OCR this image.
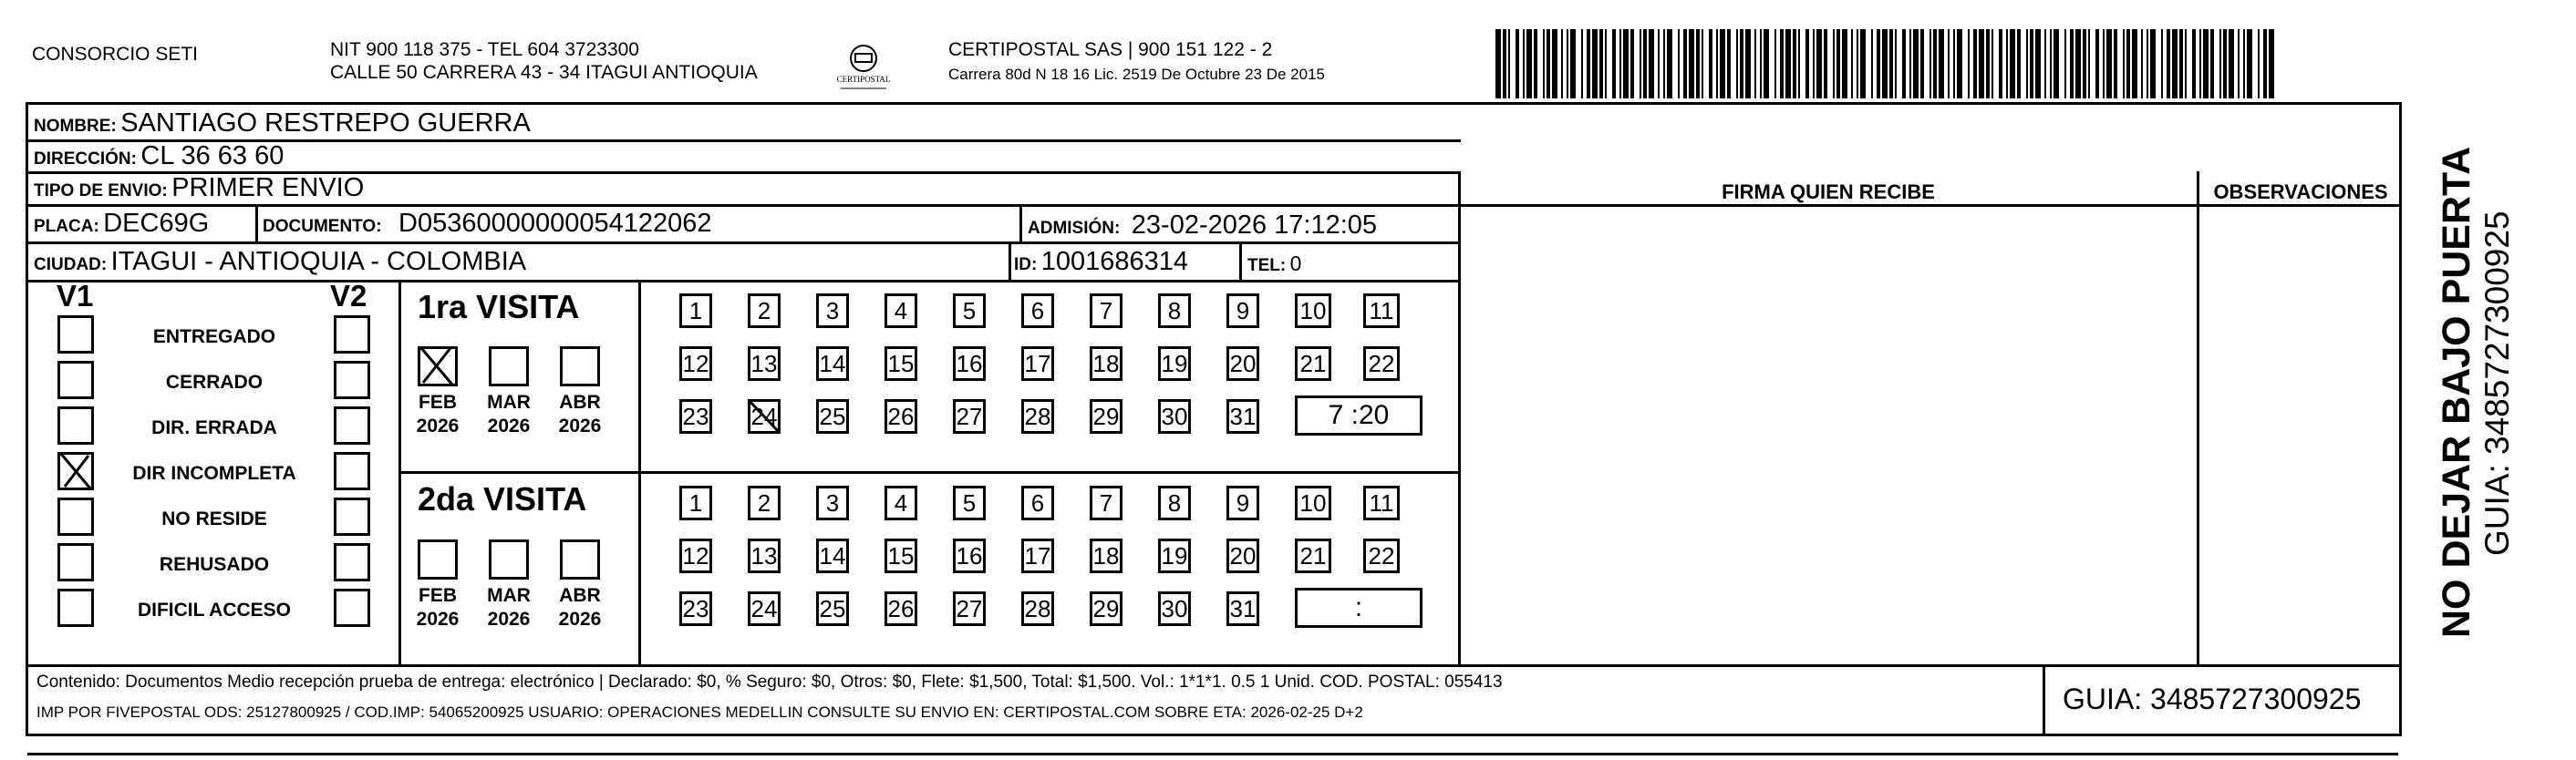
CONSORCIO SETI	NIT 900 118 375 - TEL 604 3723300
CALLE 50 CARRERA 43 - 34 ITAGUI ANTIOQUIA	CERTIPOSTAL
CERTIPOSTAL SAS | 900 151 122 - 2
Carrera 80d N 18 16 Lic. 2519 De Octubre 23 De 2015
NOMBRE: SANTIAGO RESTREPO GUERRA
DIRECCIÓN: CL 36 63 60
TIPO DE ENVIO: PRIMER ENVIO
PLACA: DEC69G	DOCUMENTO: D05360000000054122062	ADMISIÓN: 23-02-2026 17:12:05
CIUDAD: ITAGUI - ANTIOQUIA - COLOMBIA	ID: 1001686314	TEL: 0
FIRMA QUIEN RECIBE	OBSERVACIONES
V1	V2
ENTREGADO
CERRADO
DIR. ERRADA
DIR INCOMPLETA
NO RESIDE
REHUSADO
DIFICIL ACCESO
1ra VISITA
2da VISITA
FEB
2026
MAR
2026
ABR
2026
FEB
2026
MAR
2026
ABR
2026
1	2	3	4	5	6	7	8	9	10 11
12 13 14 15 16 17 18 19 20 21 22
23 24 25 26 27 28 29 30 31	7 :20
1	2	3	4	5	6	7	8	9	10 11
12 13 14 15 16 17 18 19 20 21 22
23 24 25 26 27 28 29 30 31	:
Contenido: Documentos Medio recepción prueba de entrega: electrónico | Declarado: $0, % Seguro: $0, Otros: $0, Flete: $1,500, Total: $1,500. Vol.: 1*1*1. 0.5 1 Unid. COD. POSTAL: 055413
IMP POR FIVEPOSTAL ODS: 25127800925 / COD.IMP: 54065200925 USUARIO: OPERACIONES MEDELLIN CONSULTE SU ENVIO EN: CERTIPOSTAL.COM SOBRE ETA: 2026-02-25 D+2	GUIA: 3485727300925
NO DEJAR BAJO PUERTA GUIA: 3485727300925
